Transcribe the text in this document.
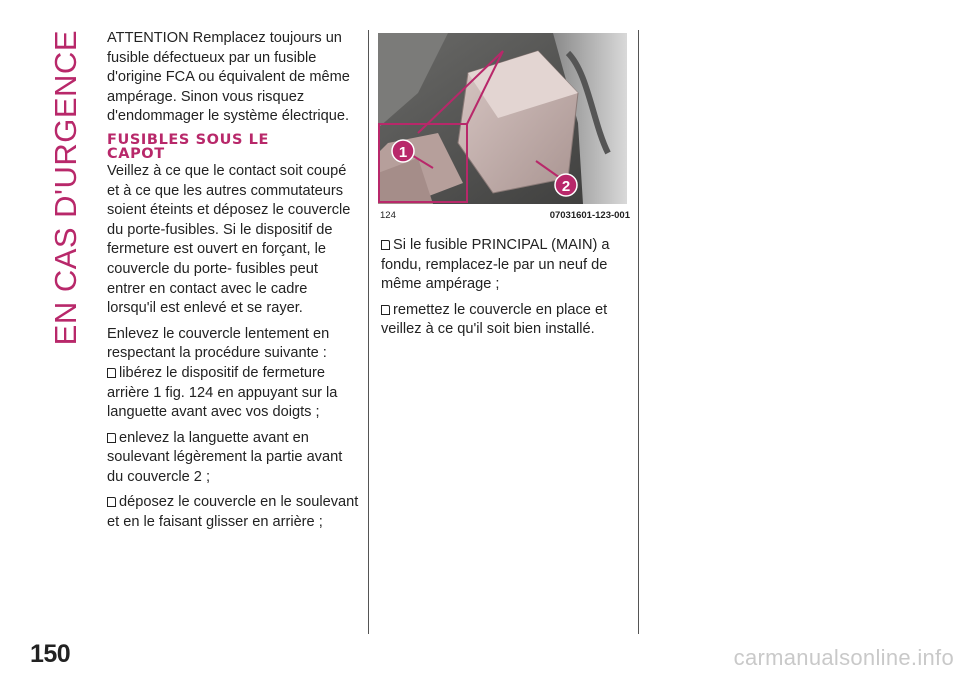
EN CAS D'URGENCE
150

ATTENTION Remplacez toujours un fusible défectueux par un fusible d'origine FCA ou équivalent de même ampérage. Sinon vous risquez d'endommager le système électrique.

FUSIBLES SOUS LE
CAPOT

Veillez à ce que le contact soit coupé et à ce que les autres commutateurs soient éteints et déposez le couvercle du porte-fusibles. Si le dispositif de fermeture est ouvert en forçant, le couvercle du porte- fusibles peut entrer en contact avec le cadre lorsqu'il est enlevé et se rayer.

Enlevez le couvercle lentement en respectant la procédure suivante :

libérez le dispositif de fermeture arrière 1 fig. 124 en appuyant sur la languette avant avec vos doigts ;

enlevez la languette avant en soulevant légèrement la partie avant du couvercle 2 ;

déposez le couvercle en le soulevant et en le faisant glisser en arrière ;

1
2
124	07031601-123-001

Si le fusible PRINCIPAL (MAIN) a fondu, remplacez-le par un neuf de même ampérage ;

remettez le couvercle en place et veillez à ce qu'il soit bien installé.

carmanualsonline.info
